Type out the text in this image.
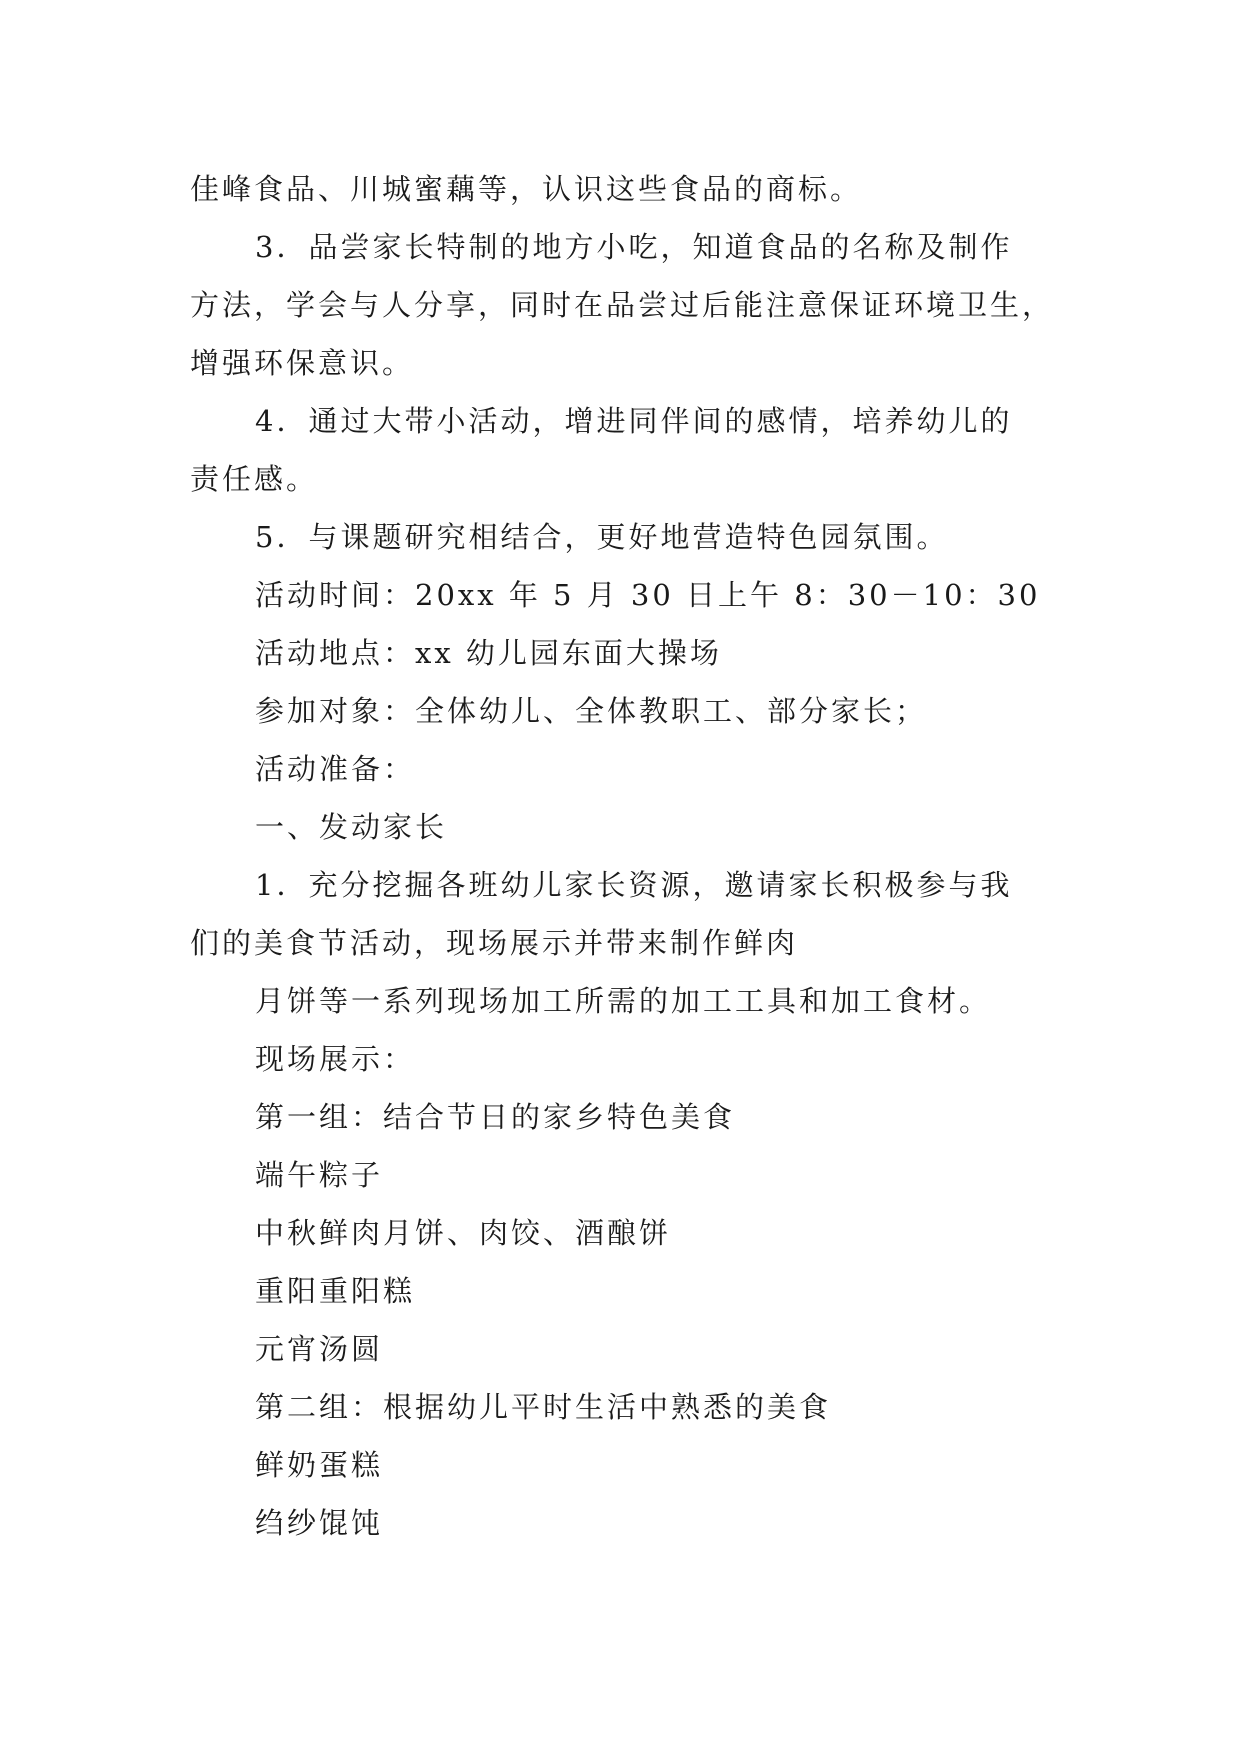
佳峰食品、川城蜜藕等，认识这些食品的商标。
3．品尝家长特制的地方小吃，知道食品的名称及制作
方法，学会与人分享，同时在品尝过后能注意保证环境卫生，
增强环保意识。
4．通过大带小活动，增进同伴间的感情，培养幼儿的
责任感。
5．与课题研究相结合，更好地营造特色园氛围。
活动时间：20xx 年 5 月 30 日上午 8：30－10：30
活动地点：xx 幼儿园东面大操场
参加对象：全体幼儿、全体教职工、部分家长；
活动准备：
一、发动家长
1．充分挖掘各班幼儿家长资源，邀请家长积极参与我
们的美食节活动，现场展示并带来制作鲜肉
月饼等一系列现场加工所需的加工工具和加工食材。
现场展示：
第一组：结合节日的家乡特色美食
端午粽子
中秋鲜肉月饼、肉饺、酒酿饼
重阳重阳糕
元宵汤圆
第二组：根据幼儿平时生活中熟悉的美食
鲜奶蛋糕
绉纱馄饨
